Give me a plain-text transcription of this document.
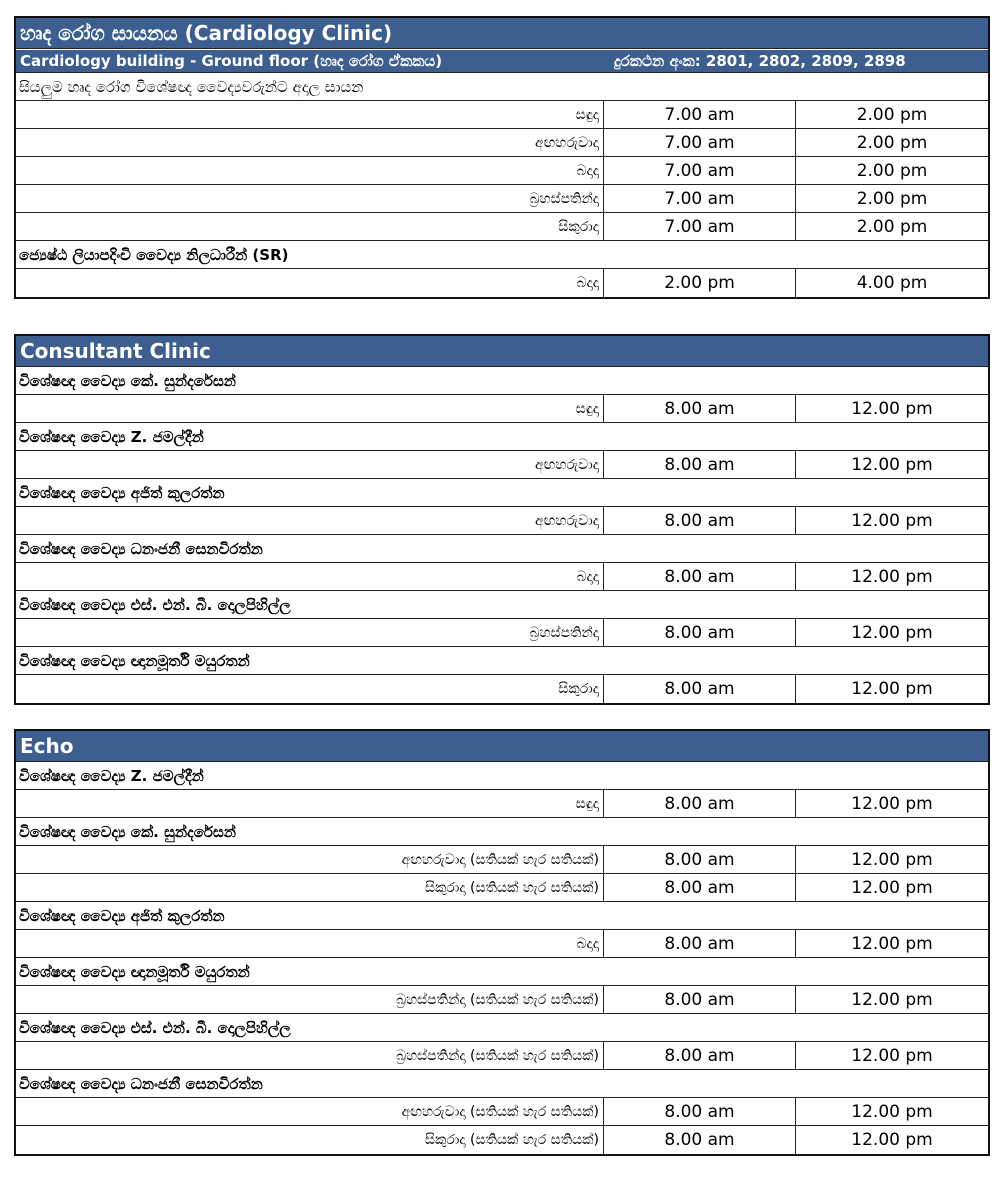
හෘද රෝග සායනය (Cardiology Clinic)
Cardiology building - Ground floor (හෘද රෝග ඒකකය)	දුරකථන අංක: 2801, 2802, 2809, 2898
සියලුම හෘද රෝග විශේෂඥ වෛද්‍යවරුන්ට අදාල සායන
සඳුදා	7.00 am	2.00 pm
අඟහරුවාදා	7.00 am	2.00 pm
බදාදා	7.00 am	2.00 pm
බ්‍රහස්පතින්දා	7.00 am	2.00 pm
සිකුරාදා	7.00 am	2.00 pm
ජ්‍යෙෂ්ඨ ලියාපදිංචි වෛද්‍ය නිලධාරීන් (SR)
බදාදා	2.00 pm	4.00 pm
Consultant Clinic
විශේෂඥ වෛද්‍ය කේ. සුන්දරේසන්
සඳුදා	8.00 am	12.00 pm
විශේෂඥ වෛද්‍ය Z. ජමල්දීන්
අඟහරුවාදා	8.00 am	12.00 pm
විශේෂඥ වෛද්‍ය අජිත් කුලරත්න
අඟහරුවාදා	8.00 am	12.00 pm
විශේෂඥ වෛද්‍ය ධනංජනී සෙනවිරත්න
බදාදා	8.00 am	12.00 pm
විශේෂඥ වෛද්‍ය එස්. එන්. බී. දොලපිහිල්ල
බ්‍රහස්පතින්දා	8.00 am	12.00 pm
විශේෂඥ වෛද්‍ය ඥානමූර්ති මයුරතන්
සිකුරාදා	8.00 am	12.00 pm
Echo
විශේෂඥ වෛද්‍ය Z. ජමල්දීන්
සඳුදා	8.00 am	12.00 pm
විශේෂඥ වෛද්‍ය කේ. සුන්දරේසන්
අඟහරුවාදා (සතියක් හැර සතියක්)	8.00 am	12.00 pm
සිකුරාදා (සතියක් හැර සතියක්)	8.00 am	12.00 pm
විශේෂඥ වෛද්‍ය අජිත් කුලරත්න
බදාදා	8.00 am	12.00 pm
විශේෂඥ වෛද්‍ය ඥානමූර්ති මයුරතන්
බ්‍රහස්පතින්දා (සතියක් හැර සතියක්)	8.00 am	12.00 pm
විශේෂඥ වෛද්‍ය එස්. එන්. බී. දොලපිහිල්ල
බ්‍රහස්පතින්දා (සතියක් හැර සතියක්)	8.00 am	12.00 pm
විශේෂඥ වෛද්‍ය ධනංජනී සෙනවිරත්න
අඟහරුවාදා (සතියක් හැර සතියක්)	8.00 am	12.00 pm
සිකුරාදා (සතියක් හැර සතියක්)	8.00 am	12.00 pm
